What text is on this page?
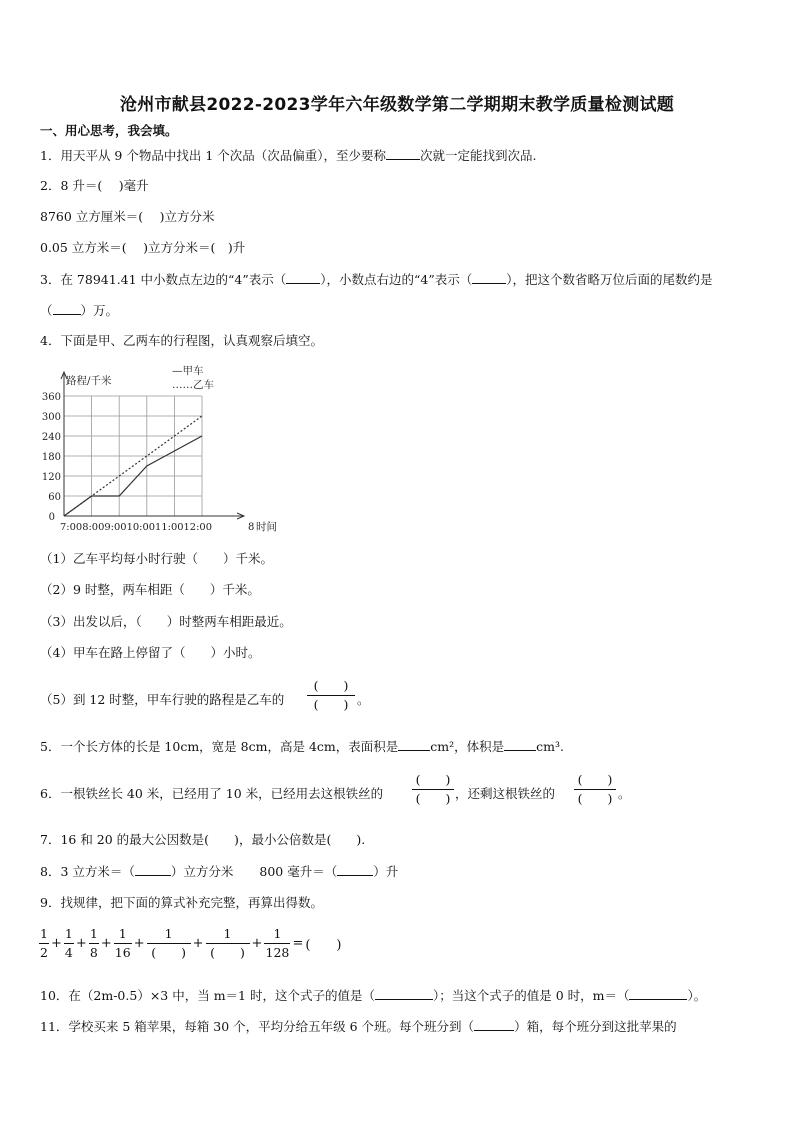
沧州市献县2022-2023学年六年级数学第二学期期末教学质量检测试题
一、用心思考，我会填。
1．用天平从 9 个物品中找出 1 个次品（次品偏重），至少要称	次就一定能找到次品.
2．8 升＝(　 )毫升
8760 立方厘米＝(　 )立方分米
0.05 立方米＝(　 )立方分米＝(　)升
3．在 78941.41 中小数点左边的“4”表示（	），小数点右边的“4”表示（	），把这个数省略万位后面的尾数约是
（ ）万。
4．下面是甲、乙两车的行程图，认真观察后填空。
60
120
180
240
300
360
0
路程/千米
7:008:009:0010:0011:0012:00	8 时间
—甲车
……乙车
（1）乙车平均每小时行驶（　　）千米。
（2）9 时整，两车相距（　　）千米。
（3）出发以后，（　　）时整两车相距最近。
（4）甲车在路上停留了（　　）小时。
（5）到 12 时整，甲车行驶的路程是乙车的 $\frac{( )}{( )}$ 。
5．一个长方体的长是 10cm，宽是 8cm，高是 4cm，表面积是	cm²，体积是	cm³.
6．一根铁丝长 40 米，已经用了 10 米，已经用去这根铁丝的 $\frac{( )}{( )}$ ，还剩这根铁丝的 $\frac{( )}{( )}$ 。
7．16 和 20 的最大公因数是(　　)，最小公倍数是(　　).
8．3 立方米＝（	）立方分米 800 毫升＝（	）升
9．找规律，把下面的算式补充完整，再算出得数。
$\frac{1}{2} + \frac{1}{4} + \frac{1}{8} + \frac{1}{16} + \frac{1}{( )} + \frac{1}{( )} + \frac{1}{128}$ = (　　)
10．在（2m-0.5）×3 中，当 m＝1 时，这个式子的值是（	）；当这个式子的值是 0 时，m＝（	）。
11．学校买来 5 箱苹果，每箱 30 个，平均分给五年级 6 个班。每个班分到（	）箱，每个班分到这批苹果的
